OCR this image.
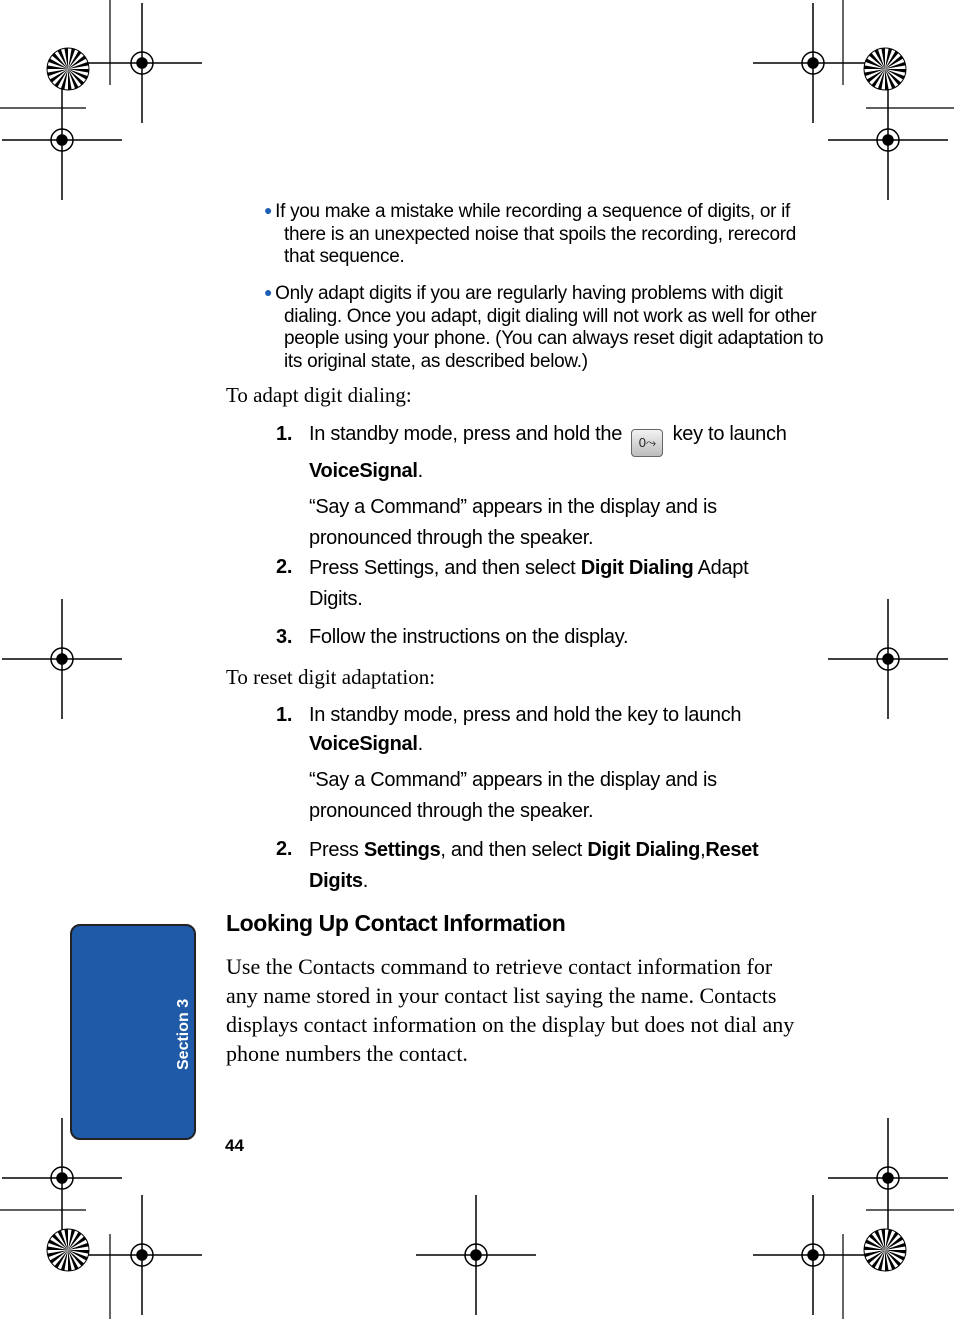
● If you make a mistake while recording a sequence of digits, or if
there is an unexpected noise that spoils the recording, rerecord that sequence.
● Only adapt digits if you are regularly having problems with digit
dialing. Once you adapt, digit dialing will not work as well for other people using your phone. (You can always reset digit adaptation to its original state, as described below.)
To adapt digit dialing:
1. In standby mode, press and hold the 0⤳ key to launch
VoiceSignal.
“Say a Command” appears in the display and is pronounced through the speaker.
2. Press Settings, and then select Digit Dialing Adapt Digits.
3. Follow the instructions on the display.
To reset digit adaptation:
1. In standby mode, press and hold the key to launch
VoiceSignal.
“Say a Command” appears in the display and is pronounced through the speaker.
2. Press Settings, and then select Digit Dialing,Reset Digits.
Looking Up Contact Information
Use the Contacts command to retrieve contact information for any name stored in your contact list saying the name. Contacts displays contact information on the display but does not dial any phone numbers the contact.
Section 3
44
